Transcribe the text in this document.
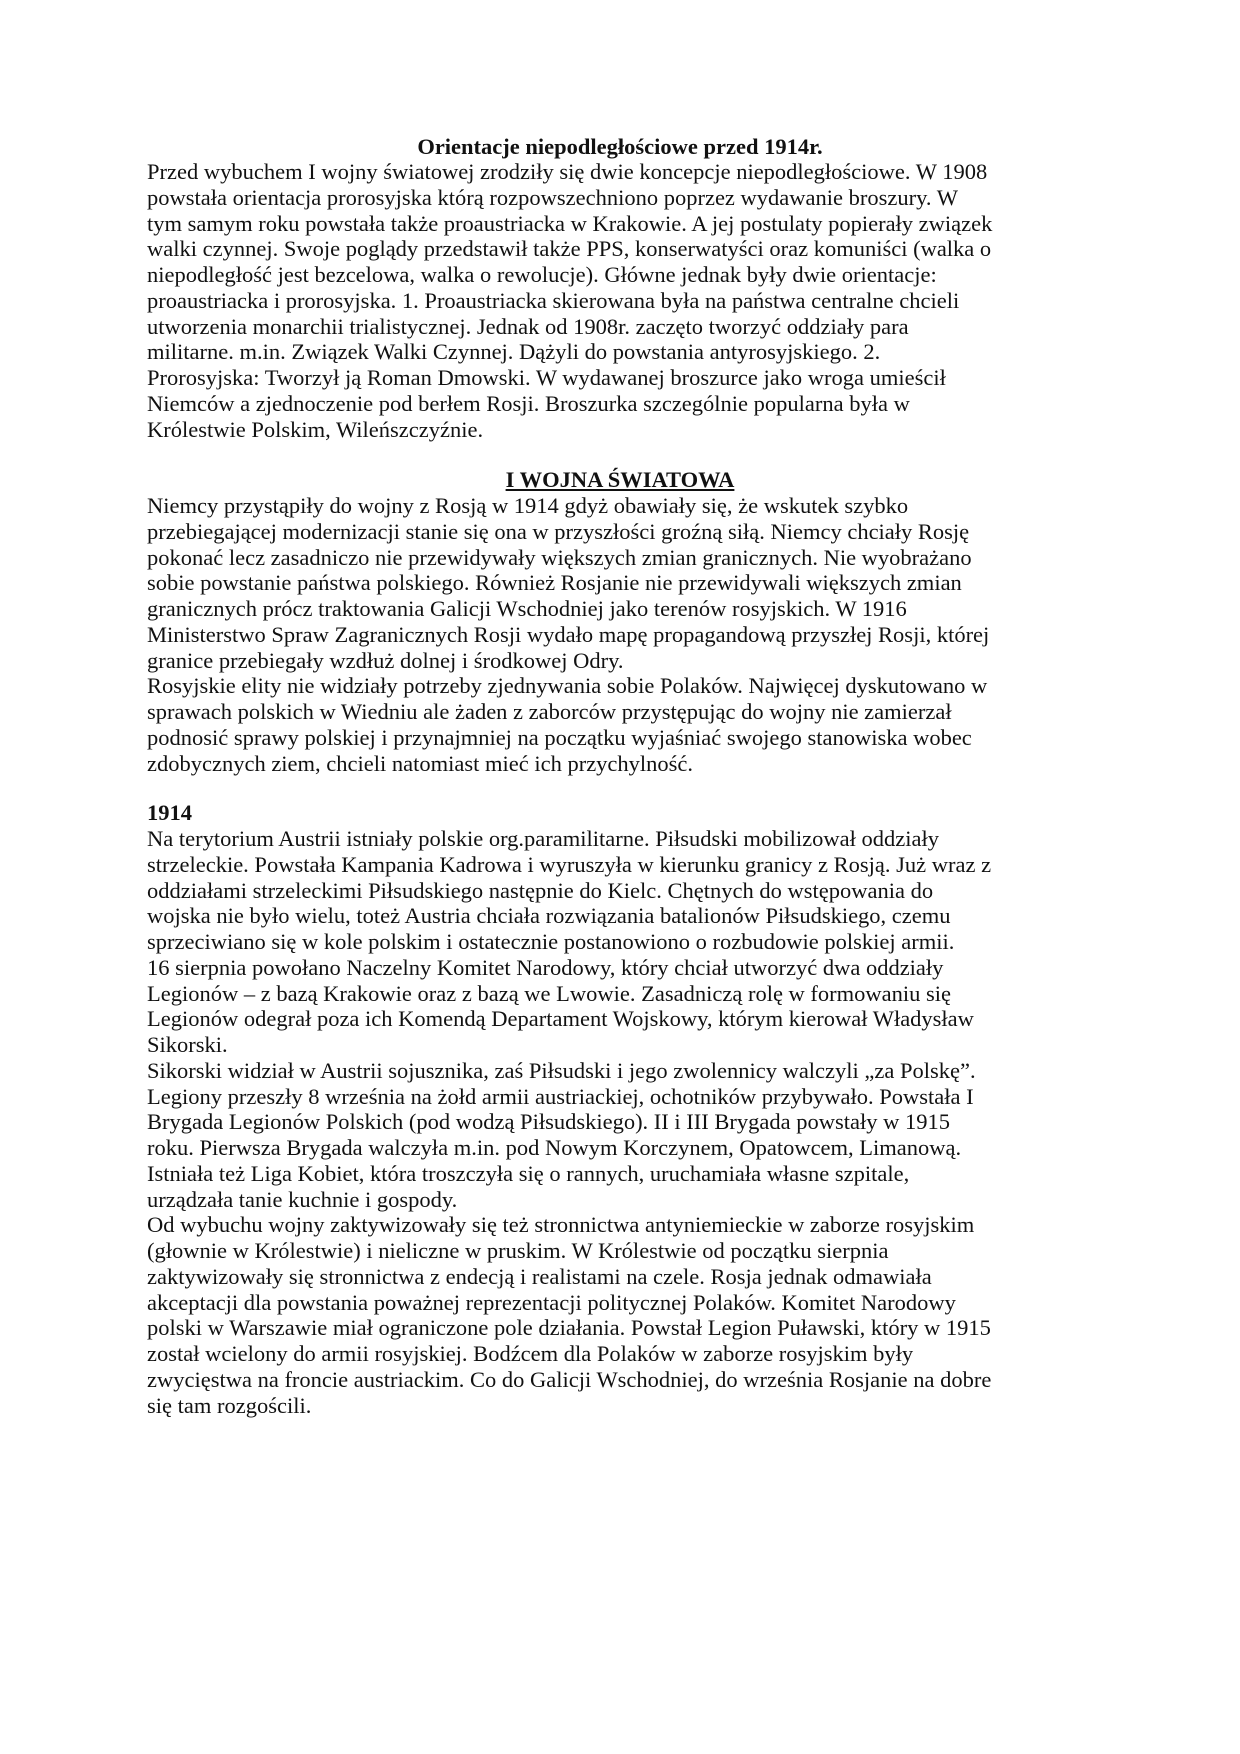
Orientacje niepodległościowe przed 1914r.
Przed wybuchem I wojny światowej zrodziły się dwie koncepcje niepodległościowe. W 1908
powstała orientacja prorosyjska którą rozpowszechniono poprzez wydawanie broszury. W
tym samym roku powstała także proaustriacka w Krakowie. A jej postulaty popierały związek
walki czynnej. Swoje poglądy przedstawił także PPS, konserwatyści oraz komuniści (walka o
niepodległość jest bezcelowa, walka o rewolucje). Główne jednak były dwie orientacje:
proaustriacka i prorosyjska. 1. Proaustriacka skierowana była na państwa centralne chcieli
utworzenia monarchii trialistycznej. Jednak od 1908r. zaczęto tworzyć oddziały para
militarne. m.in. Związek Walki Czynnej. Dążyli do powstania antyrosyjskiego. 2.
Prorosyjska: Tworzył ją Roman Dmowski. W wydawanej broszurce jako wroga umieścił
Niemców a zjednoczenie pod berłem Rosji. Broszurka szczególnie popularna była w
Królestwie Polskim, Wileńszczyźnie.
I WOJNA ŚWIATOWA
Niemcy przystąpiły do wojny z Rosją w 1914 gdyż obawiały się, że wskutek szybko
przebiegającej modernizacji stanie się ona w przyszłości groźną siłą. Niemcy chciały Rosję
pokonać lecz zasadniczo nie przewidywały większych zmian granicznych. Nie wyobrażano
sobie powstanie państwa polskiego. Również Rosjanie nie przewidywali większych zmian
granicznych prócz traktowania Galicji Wschodniej jako terenów rosyjskich. W 1916
Ministerstwo Spraw Zagranicznych Rosji wydało mapę propagandową przyszłej Rosji, której
granice przebiegały wzdłuż dolnej i środkowej Odry.
Rosyjskie elity nie widziały potrzeby zjednywania sobie Polaków. Najwięcej dyskutowano w
sprawach polskich w Wiedniu ale żaden z zaborców przystępując do wojny nie zamierzał
podnosić sprawy polskiej i przynajmniej na początku wyjaśniać swojego stanowiska wobec
zdobycznych ziem, chcieli natomiast mieć ich przychylność.
1914
Na terytorium Austrii istniały polskie org.paramilitarne. Piłsudski mobilizował oddziały
strzeleckie. Powstała Kampania Kadrowa i wyruszyła w kierunku granicy z Rosją. Już wraz z
oddziałami strzeleckimi Piłsudskiego następnie do Kielc. Chętnych do wstępowania do
wojska nie było wielu, toteż Austria chciała rozwiązania batalionów Piłsudskiego, czemu
sprzeciwiano się w kole polskim i ostatecznie postanowiono o rozbudowie polskiej armii.
16 sierpnia powołano Naczelny Komitet Narodowy, który chciał utworzyć dwa oddziały
Legionów – z bazą Krakowie oraz z bazą we Lwowie. Zasadniczą rolę w formowaniu się
Legionów odegrał poza ich Komendą Departament Wojskowy, którym kierował Władysław
Sikorski.
Sikorski widział w Austrii sojusznika, zaś Piłsudski i jego zwolennicy walczyli „za Polskę”.
Legiony przeszły 8 września na żołd armii austriackiej, ochotników przybywało. Powstała I
Brygada Legionów Polskich (pod wodzą Piłsudskiego). II i III Brygada powstały w 1915
roku. Pierwsza Brygada walczyła m.in. pod Nowym Korczynem, Opatowcem, Limanową.
Istniała też Liga Kobiet, która troszczyła się o rannych, uruchamiała własne szpitale,
urządzała tanie kuchnie i gospody.
Od wybuchu wojny zaktywizowały się też stronnictwa antyniemieckie w zaborze rosyjskim
(głownie w Królestwie) i nieliczne w pruskim. W Królestwie od początku sierpnia
zaktywizowały się stronnictwa z endecją i realistami na czele. Rosja jednak odmawiała
akceptacji dla powstania poważnej reprezentacji politycznej Polaków. Komitet Narodowy
polski w Warszawie miał ograniczone pole działania. Powstał Legion Puławski, który w 1915
został wcielony do armii rosyjskiej. Bodźcem dla Polaków w zaborze rosyjskim były
zwycięstwa na froncie austriackim. Co do Galicji Wschodniej, do września Rosjanie na dobre
się tam rozgościli.
